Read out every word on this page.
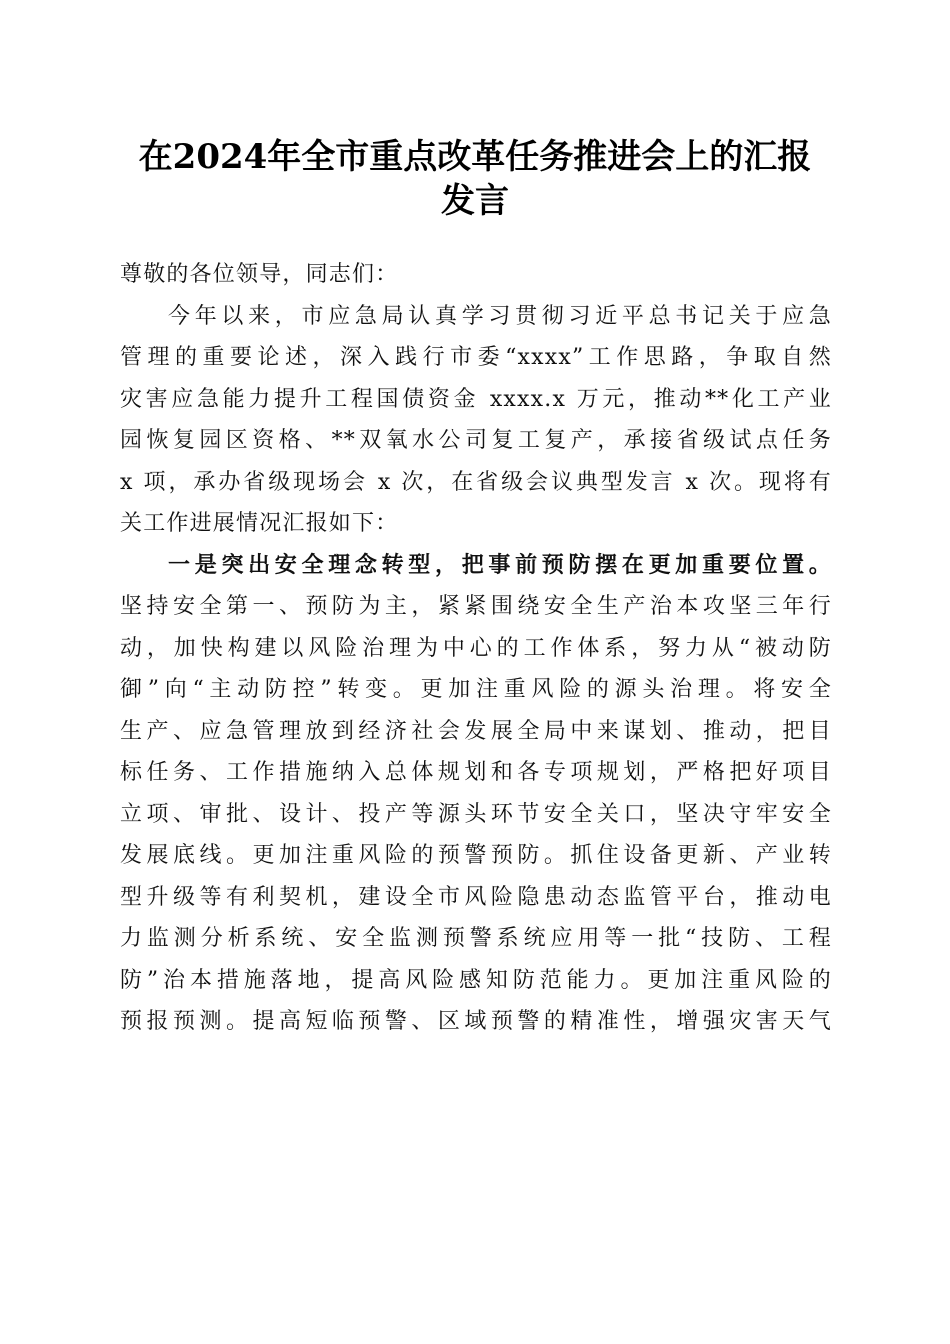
在2024年全市重点改革任务推进会上的汇报
发言
尊敬的各位领导，同志们：
今年以来，市应急局认真学习贯彻习近平总书记关于应急
管理的重要论述，深入践行市委“xxxx”工作思路，争取自然
灾害应急能力提升工程国债资金 xxxx.x 万元，推动**化工产业
园恢复园区资格、**双氧水公司复工复产，承接省级试点任务
x 项，承办省级现场会 x 次，在省级会议典型发言 x 次。现将有
关工作进展情况汇报如下：
一是突出安全理念转型，把事前预防摆在更加重要位置。
坚持安全第一、预防为主，紧紧围绕安全生产治本攻坚三年行
动，加快构建以风险治理为中心的工作体系，努力从“被动防
御”向“主动防控”转变。更加注重风险的源头治理。将安全
生产、应急管理放到经济社会发展全局中来谋划、推动，把目
标任务、工作措施纳入总体规划和各专项规划，严格把好项目
立项、审批、设计、投产等源头环节安全关口，坚决守牢安全
发展底线。更加注重风险的预警预防。抓住设备更新、产业转
型升级等有利契机，建设全市风险隐患动态监管平台，推动电
力监测分析系统、安全监测预警系统应用等一批“技防、工程
防”治本措施落地，提高风险感知防范能力。更加注重风险的
预报预测。提高短临预警、区域预警的精准性，增强灾害天气
